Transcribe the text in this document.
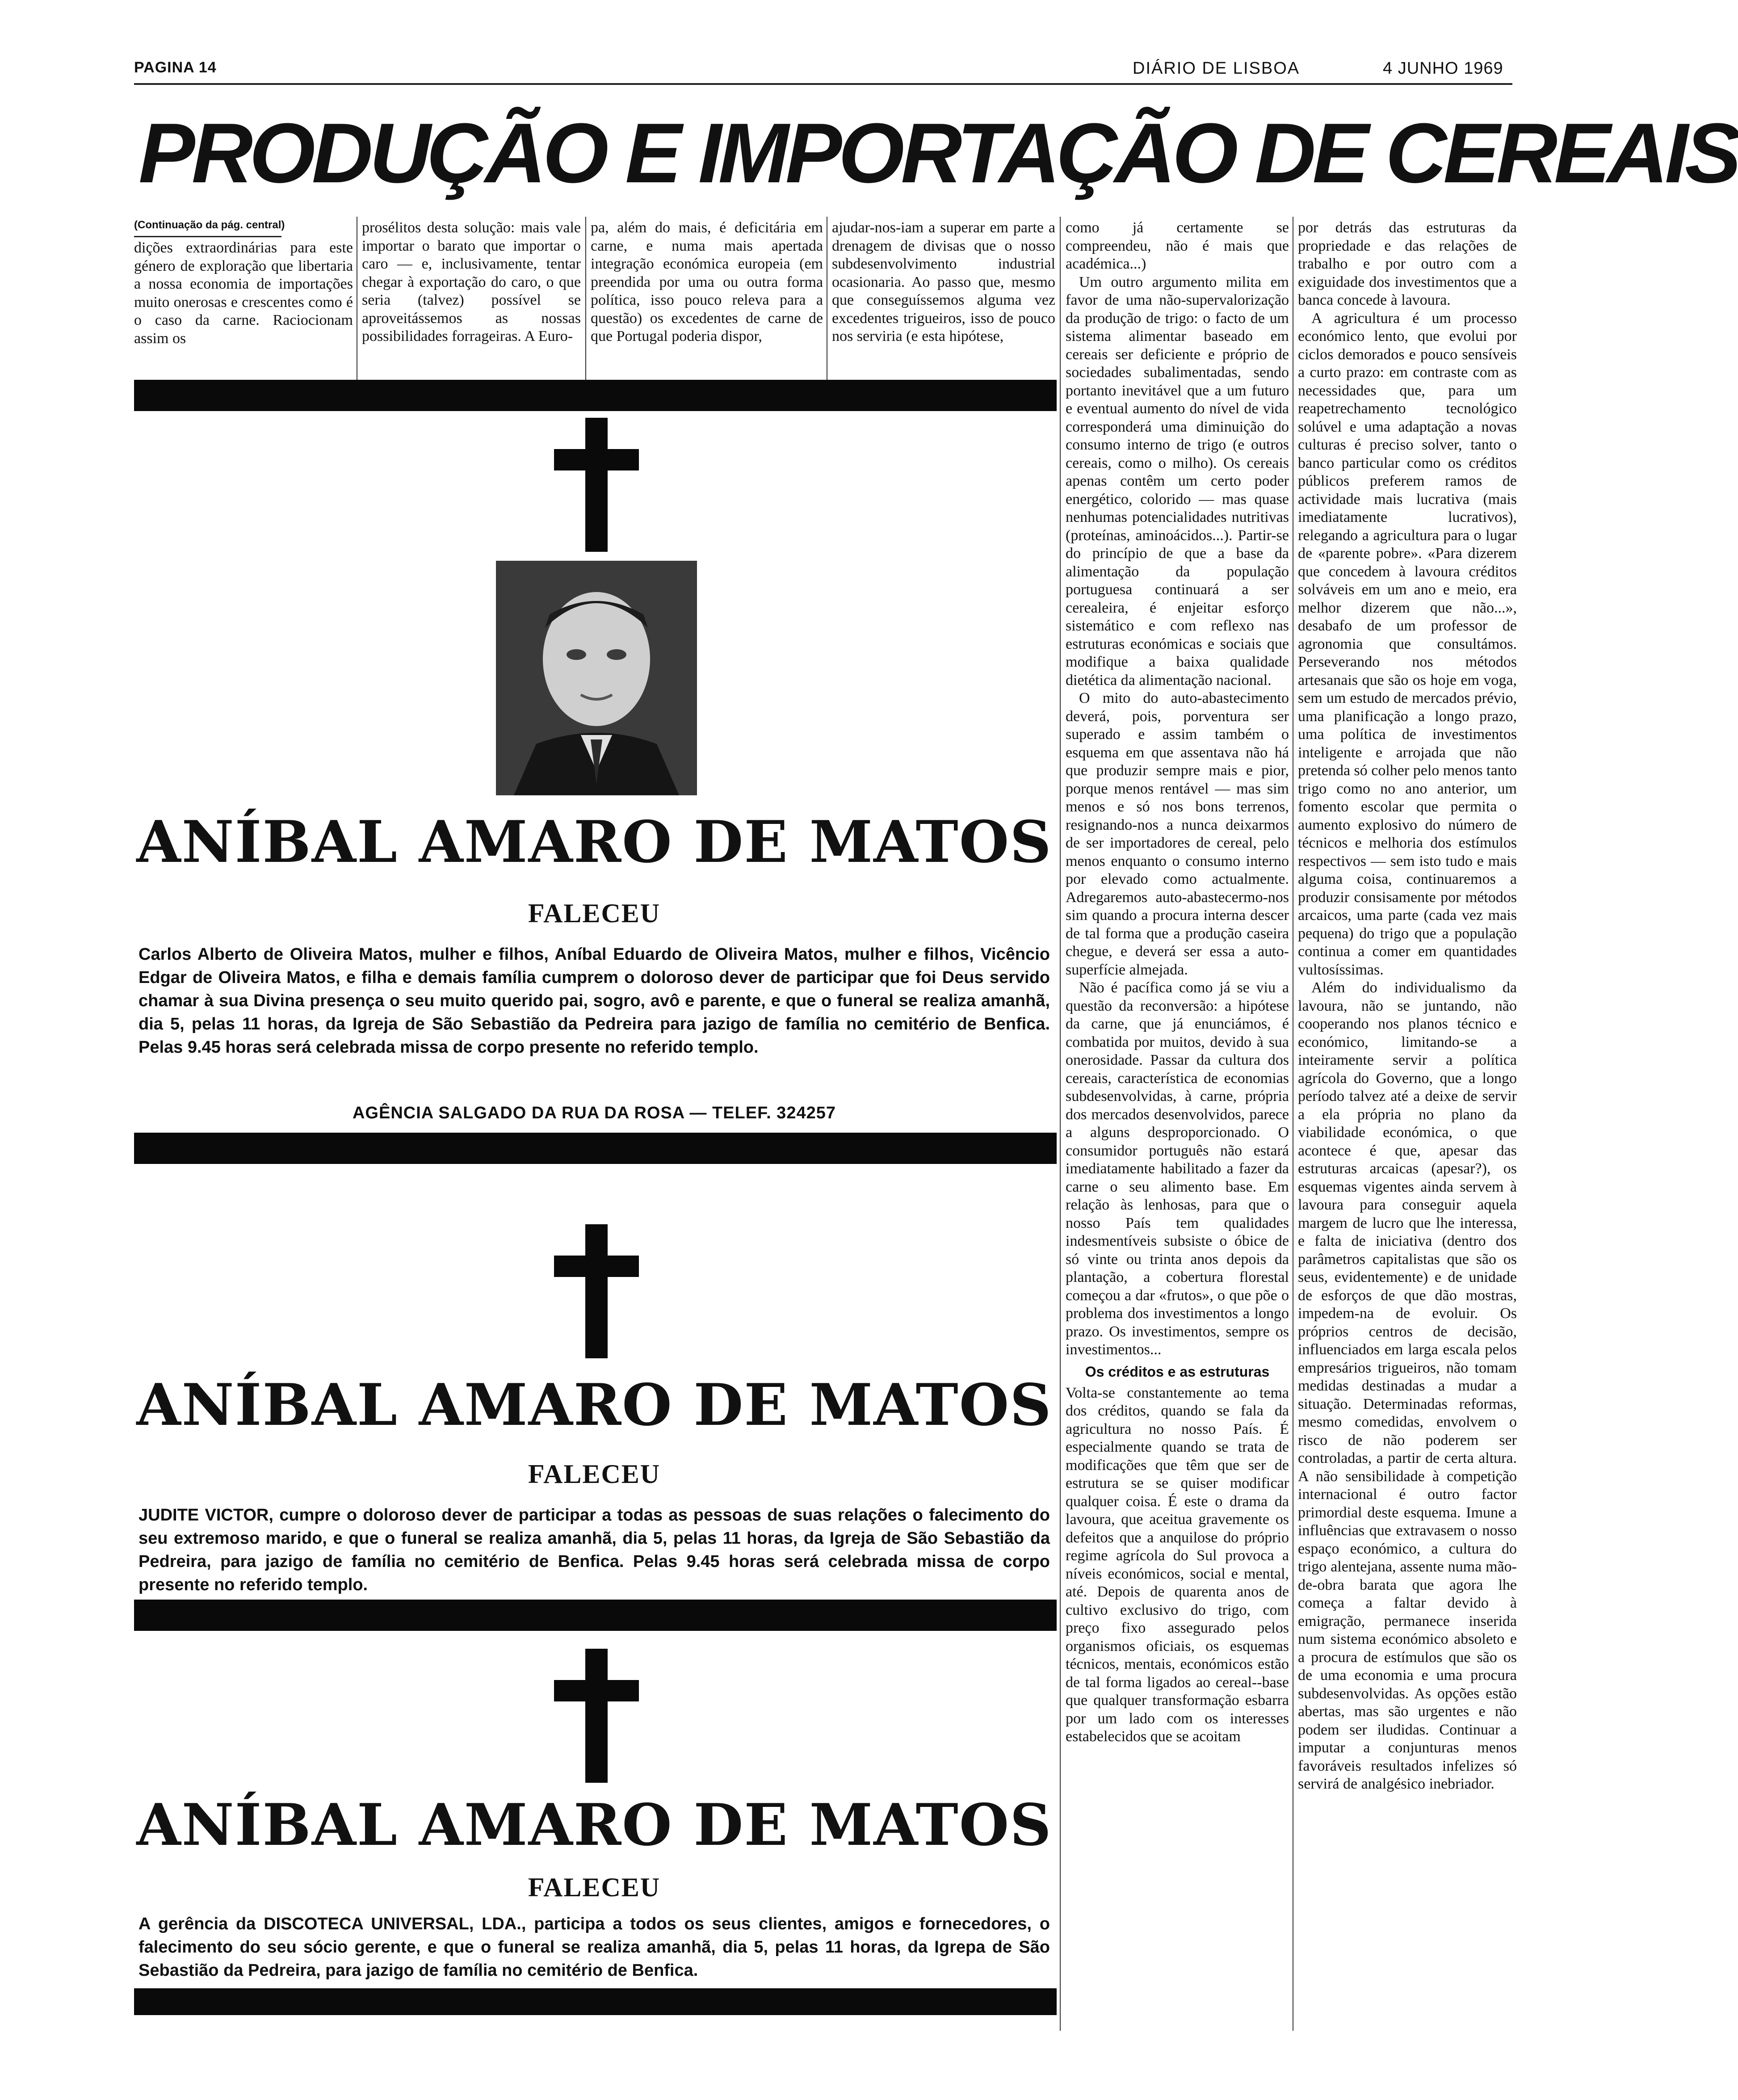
PAGINA 14	DIÁRIO DE LISBOA	4 JUNHO 1969
PRODUÇÃO E IMPORTAÇÃO DE CEREAIS
(Continuação da pág. central)

dições extraordinárias para este género de exploração que libertaria a nossa economia de importações muito onerosas e crescentes como é o caso da carne. Raciocionam assim os

prosélitos desta solução: mais vale importar o barato que importar o caro — e, inclusivamente, tentar chegar à exportação do caro, o que seria (talvez) possível se aproveitássemos as nossas possibilidades forrageiras. A Euro-

pa, além do mais, é deficitária em carne, e numa mais apertada integração económica europeia (em preendida por uma ou outra forma política, isso pouco releva para a questão) os excedentes de carne de que Portugal poderia dispor,

ajudar-nos-iam a superar em parte a drenagem de divisas que o nosso subdesenvolvimento industrial ocasionaria. Ao passo que, mesmo que conseguíssemos alguma vez excedentes trigueiros, isso de pouco nos serviria (e esta hipótese,

como já certamente se compreendeu, não é mais que académica...)

Um outro argumento milita em favor de uma não-supervalorização da produção de trigo: o facto de um sistema alimentar baseado em cereais ser deficiente e próprio de sociedades subalimentadas, sendo portanto inevitável que a um futuro e eventual aumento do nível de vida corresponderá uma diminuição do consumo interno de trigo (e outros cereais, como o milho). Os cereais apenas contêm um certo poder energético, colorido — mas quase nenhumas potencialidades nutritivas (proteínas, aminoácidos...). Partir-se do princípio de que a base da alimentação da população portuguesa continuará a ser cerealeira, é enjeitar esforço sistemático e com reflexo nas estruturas económicas e sociais que modifique a baixa qualidade dietética da alimentação nacional.

O mito do auto-abastecimento deverá, pois, porventura ser superado e assim também o esquema em que assentava não há que produzir sempre mais e pior, porque menos rentável — mas sim menos e só nos bons terrenos, resignando-nos a nunca deixarmos de ser importadores de cereal, pelo menos enquanto o consumo interno por elevado como actualmente. Adregaremos auto-abastecermo-nos sim quando a procura interna descer de tal forma que a produção caseira chegue, e deverá ser essa a auto-superfície almejada.

Não é pacífica como já se viu a questão da reconversão: a hipótese da carne, que já enunciámos, é combatida por muitos, devido à sua onerosidade. Passar da cultura dos cereais, característica de economias subdesenvolvidas, à carne, própria dos mercados desenvolvidos, parece a alguns desproporcionado. O consumidor português não estará imediatamente habilitado a fazer da carne o seu alimento base. Em relação às lenhosas, para que o nosso País tem qualidades indesmentíveis subsiste o óbice de só vinte ou trinta anos depois da plantação, a cobertura florestal começou a dar «frutos», o que põe o problema dos investimentos a longo prazo. Os investimentos, sempre os investimentos...

Os créditos e as estruturas

Volta-se constantemente ao tema dos créditos, quando se fala da agricultura no nosso País. É especialmente quando se trata de modificações que têm que ser de estrutura se se quiser modificar qualquer coisa. É este o drama da lavoura, que aceitua gravemente os defeitos que a anquilose do próprio regime agrícola do Sul provoca a níveis económicos, social e mental, até. Depois de quarenta anos de cultivo exclusivo do trigo, com preço fixo assegurado pelos organismos oficiais, os esquemas técnicos, mentais, económicos estão de tal forma ligados ao cereal--base que qualquer transformação esbarra por um lado com os interesses estabelecidos que se acoitam

por detrás das estruturas da propriedade e das relações de trabalho e por outro com a exiguidade dos investimentos que a banca concede à lavoura.

A agricultura é um processo económico lento, que evolui por ciclos demorados e pouco sensíveis a curto prazo: em contraste com as necessidades que, para um reapetrechamento tecnológico solúvel e uma adaptação a novas culturas é preciso solver, tanto o banco particular como os créditos públicos preferem ramos de actividade mais lucrativa (mais imediatamente lucrativos), relegando a agricultura para o lugar de «parente pobre». «Para dizerem que concedem à lavoura créditos solváveis em um ano e meio, era melhor dizerem que não...», desabafo de um professor de agronomia que consultámos. Perseverando nos métodos artesanais que são os hoje em voga, sem um estudo de mercados prévio, uma planificação a longo prazo, uma política de investimentos inteligente e arrojada que não pretenda só colher pelo menos tanto trigo como no ano anterior, um fomento escolar que permita o aumento explosivo do número de técnicos e melhoria dos estímulos respectivos — sem isto tudo e mais alguma coisa, continuaremos a produzir consisamente por métodos arcaicos, uma parte (cada vez mais pequena) do trigo que a população continua a comer em quantidades vultosíssimas.

Além do individualismo da lavoura, não se juntando, não cooperando nos planos técnico e económico, limitando-se a inteiramente servir a política agrícola do Governo, que a longo período talvez até a deixe de servir a ela própria no plano da viabilidade económica, o que acontece é que, apesar das estruturas arcaicas (apesar?), os esquemas vigentes ainda servem à lavoura para conseguir aquela margem de lucro que lhe interessa, e falta de iniciativa (dentro dos parâmetros capitalistas que são os seus, evidentemente) e de unidade de esforços de que dão mostras, impedem-na de evoluir. Os próprios centros de decisão, influenciados em larga escala pelos empresários trigueiros, não tomam medidas destinadas a mudar a situação. Determinadas reformas, mesmo comedidas, envolvem o risco de não poderem ser controladas, a partir de certa altura. A não sensibilidade à competição internacional é outro factor primordial deste esquema. Imune a influências que extravasem o nosso espaço económico, a cultura do trigo alentejana, assente numa mão-de-obra barata que agora lhe começa a faltar devido à emigração, permanece inserida num sistema económico absoleto e a procura de estímulos que são os de uma economia e uma procura subdesenvolvidas. As opções estão abertas, mas são urgentes e não podem ser iludidas. Continuar a imputar a conjunturas menos favoráveis resultados infelizes só servirá de analgésico inebriador.

ANÍBAL AMARO DE MATOS
FALECEU
Carlos Alberto de Oliveira Matos, mulher e filhos, Aníbal Eduardo de Oliveira Matos, mulher e filhos, Vicêncio Edgar de Oliveira Matos, e filha e demais família cumprem o doloroso dever de participar que foi Deus servido chamar à sua Divina presença o seu muito querido pai, sogro, avô e parente, e que o funeral se realiza amanhã, dia 5, pelas 11 horas, da Igreja de São Sebastião da Pedreira para jazigo de família no cemitério de Benfica. Pelas 9.45 horas será celebrada missa de corpo presente no referido templo.
AGÊNCIA SALGADO DA RUA DA ROSA — TELEF. 324257
ANÍBAL AMARO DE MATOS
FALECEU
JUDITE VICTOR, cumpre o doloroso dever de participar a todas as pessoas de suas relações o falecimento do seu extremoso marido, e que o funeral se realiza amanhã, dia 5, pelas 11 horas, da Igreja de São Sebastião da Pedreira, para jazigo de família no cemitério de Benfica. Pelas 9.45 horas será celebrada missa de corpo presente no referido templo.
ANÍBAL AMARO DE MATOS
FALECEU
A gerência da DISCOTECA UNIVERSAL, LDA., participa a todos os seus clientes, amigos e fornecedores, o falecimento do seu sócio gerente, e que o funeral se realiza amanhã, dia 5, pelas 11 horas, da Igrepa de São Sebastião da Pedreira, para jazigo de família no cemitério de Benfica.
